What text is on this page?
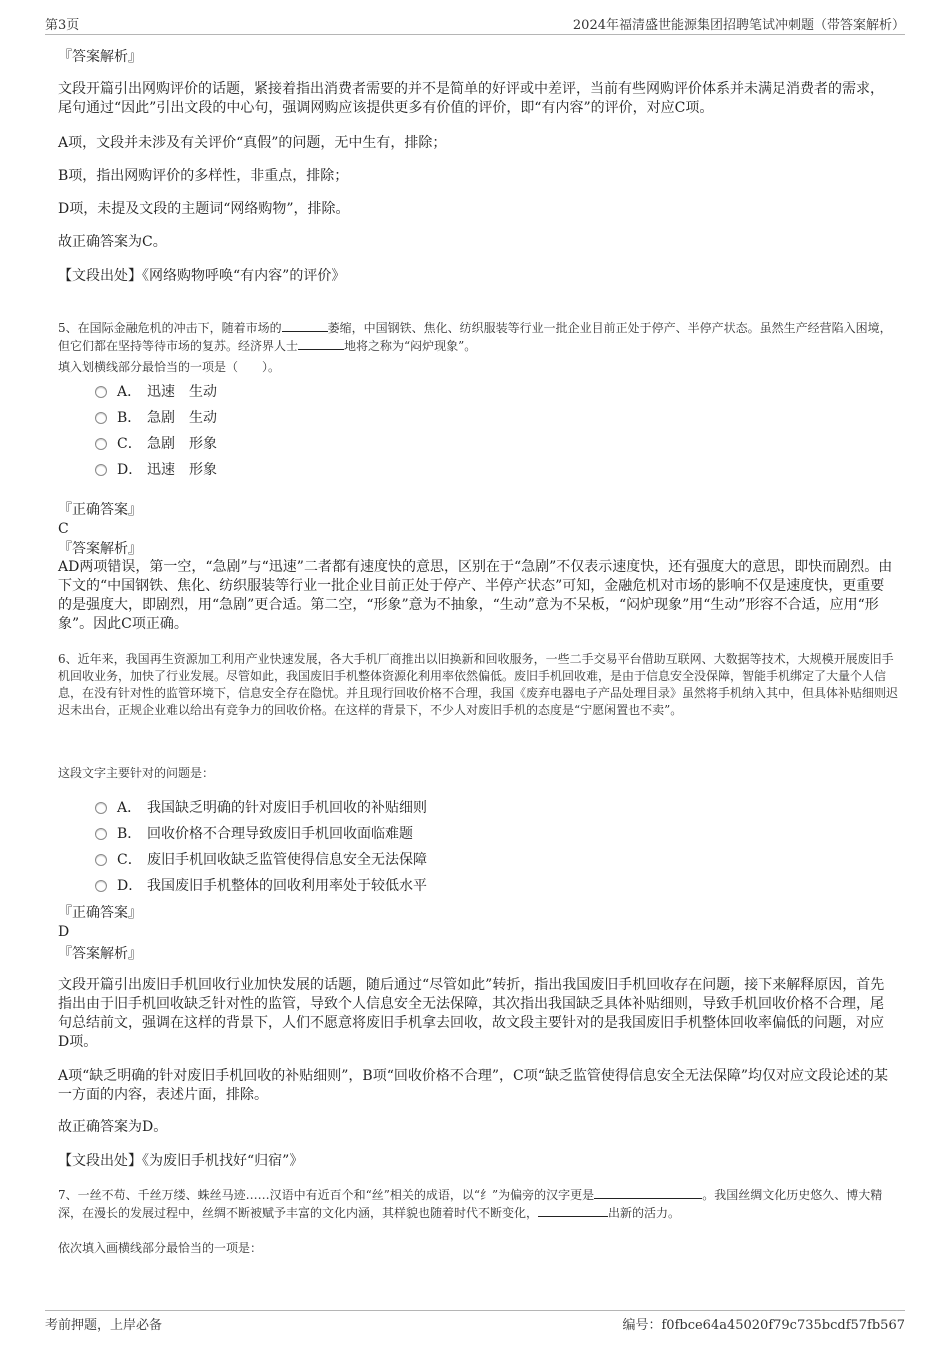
第3页	2024年福清盛世能源集团招聘笔试冲刺题（带答案解析）
『答案解析』
文段开篇引出网购评价的话题，紧接着指出消费者需要的并不是简单的好评或中差评，当前有些网购评价体系并未满足消费者的需求，尾句通过“因此”引出文段的中心句，强调网购应该提供更多有价值的评价，即“有内容”的评价，对应C项。
A项，文段并未涉及有关评价“真假”的问题，无中生有，排除；
B项，指出网购评价的多样性，非重点，排除；
D项，未提及文段的主题词“网络购物”，排除。
故正确答案为C。
【文段出处】《网络购物呼唤“有内容”的评价》
5、在国际金融危机的冲击下，随着市场的	萎缩，中国钢铁、焦化、纺织服装等行业一批企业目前正处于停产、半停产状态。虽然生产经营陷入困境，但它们都在坚持等待市场的复苏。经济界人士	地将之称为“闷炉现象”。
填入划横线部分最恰当的一项是（　　）。
A． 迅速 生动
B． 急剧 生动
C． 急剧 形象
D． 迅速 形象
『正确答案』
C
『答案解析』
AD两项错误，第一空，“急剧”与“迅速”二者都有速度快的意思，区别在于“急剧”不仅表示速度快，还有强度大的意思，即快而剧烈。由下文的“中国钢铁、焦化、纺织服装等行业一批企业目前正处于停产、半停产状态”可知，金融危机对市场的影响不仅是速度快，更重要的是强度大，即剧烈，用“急剧”更合适。第二空，“形象”意为不抽象，“生动”意为不呆板，“闷炉现象”用“生动”形容不合适，应用“形象”。因此C项正确。
6、近年来，我国再生资源加工利用产业快速发展，各大手机厂商推出以旧换新和回收服务，一些二手交易平台借助互联网、大数据等技术，大规模开展废旧手机回收业务，加快了行业发展。尽管如此，我国废旧手机整体资源化利用率依然偏低。废旧手机回收难，是由于信息安全没保障，智能手机绑定了大量个人信息，在没有针对性的监管环境下，信息安全存在隐忧。并且现行回收价格不合理，我国《废弃电器电子产品处理目录》虽然将手机纳入其中，但具体补贴细则迟迟未出台，正规企业难以给出有竞争力的回收价格。在这样的背景下，不少人对废旧手机的态度是“宁愿闲置也不卖”。
这段文字主要针对的问题是：
A． 我国缺乏明确的针对废旧手机回收的补贴细则
B． 回收价格不合理导致废旧手机回收面临难题
C． 废旧手机回收缺乏监管使得信息安全无法保障
D． 我国废旧手机整体的回收利用率处于较低水平
『正确答案』
D
『答案解析』
文段开篇引出废旧手机回收行业加快发展的话题，随后通过“尽管如此”转折，指出我国废旧手机回收存在问题，接下来解释原因，首先指出由于旧手机回收缺乏针对性的监管，导致个人信息安全无法保障，其次指出我国缺乏具体补贴细则，导致手机回收价格不合理，尾句总结前文，强调在这样的背景下，人们不愿意将废旧手机拿去回收，故文段主要针对的是我国废旧手机整体回收率偏低的问题，对应D项。
A项“缺乏明确的针对废旧手机回收的补贴细则”，B项“回收价格不合理”，C项“缺乏监管使得信息安全无法保障”均仅对应文段论述的某一方面的内容，表述片面，排除。
故正确答案为D。
【文段出处】《为废旧手机找好“归宿”》
7、一丝不苟、千丝万缕、蛛丝马迹……汉语中有近百个和“丝”相关的成语，以“纟”为偏旁的汉字更是	。我国丝绸文化历史悠久、博大精深，在漫长的发展过程中，丝绸不断被赋予丰富的文化内涵，其样貌也随着时代不断变化，	出新的活力。
依次填入画横线部分最恰当的一项是：
考前押题，上岸必备	编号：f0fbce64a45020f79c735bcdf57fb567
